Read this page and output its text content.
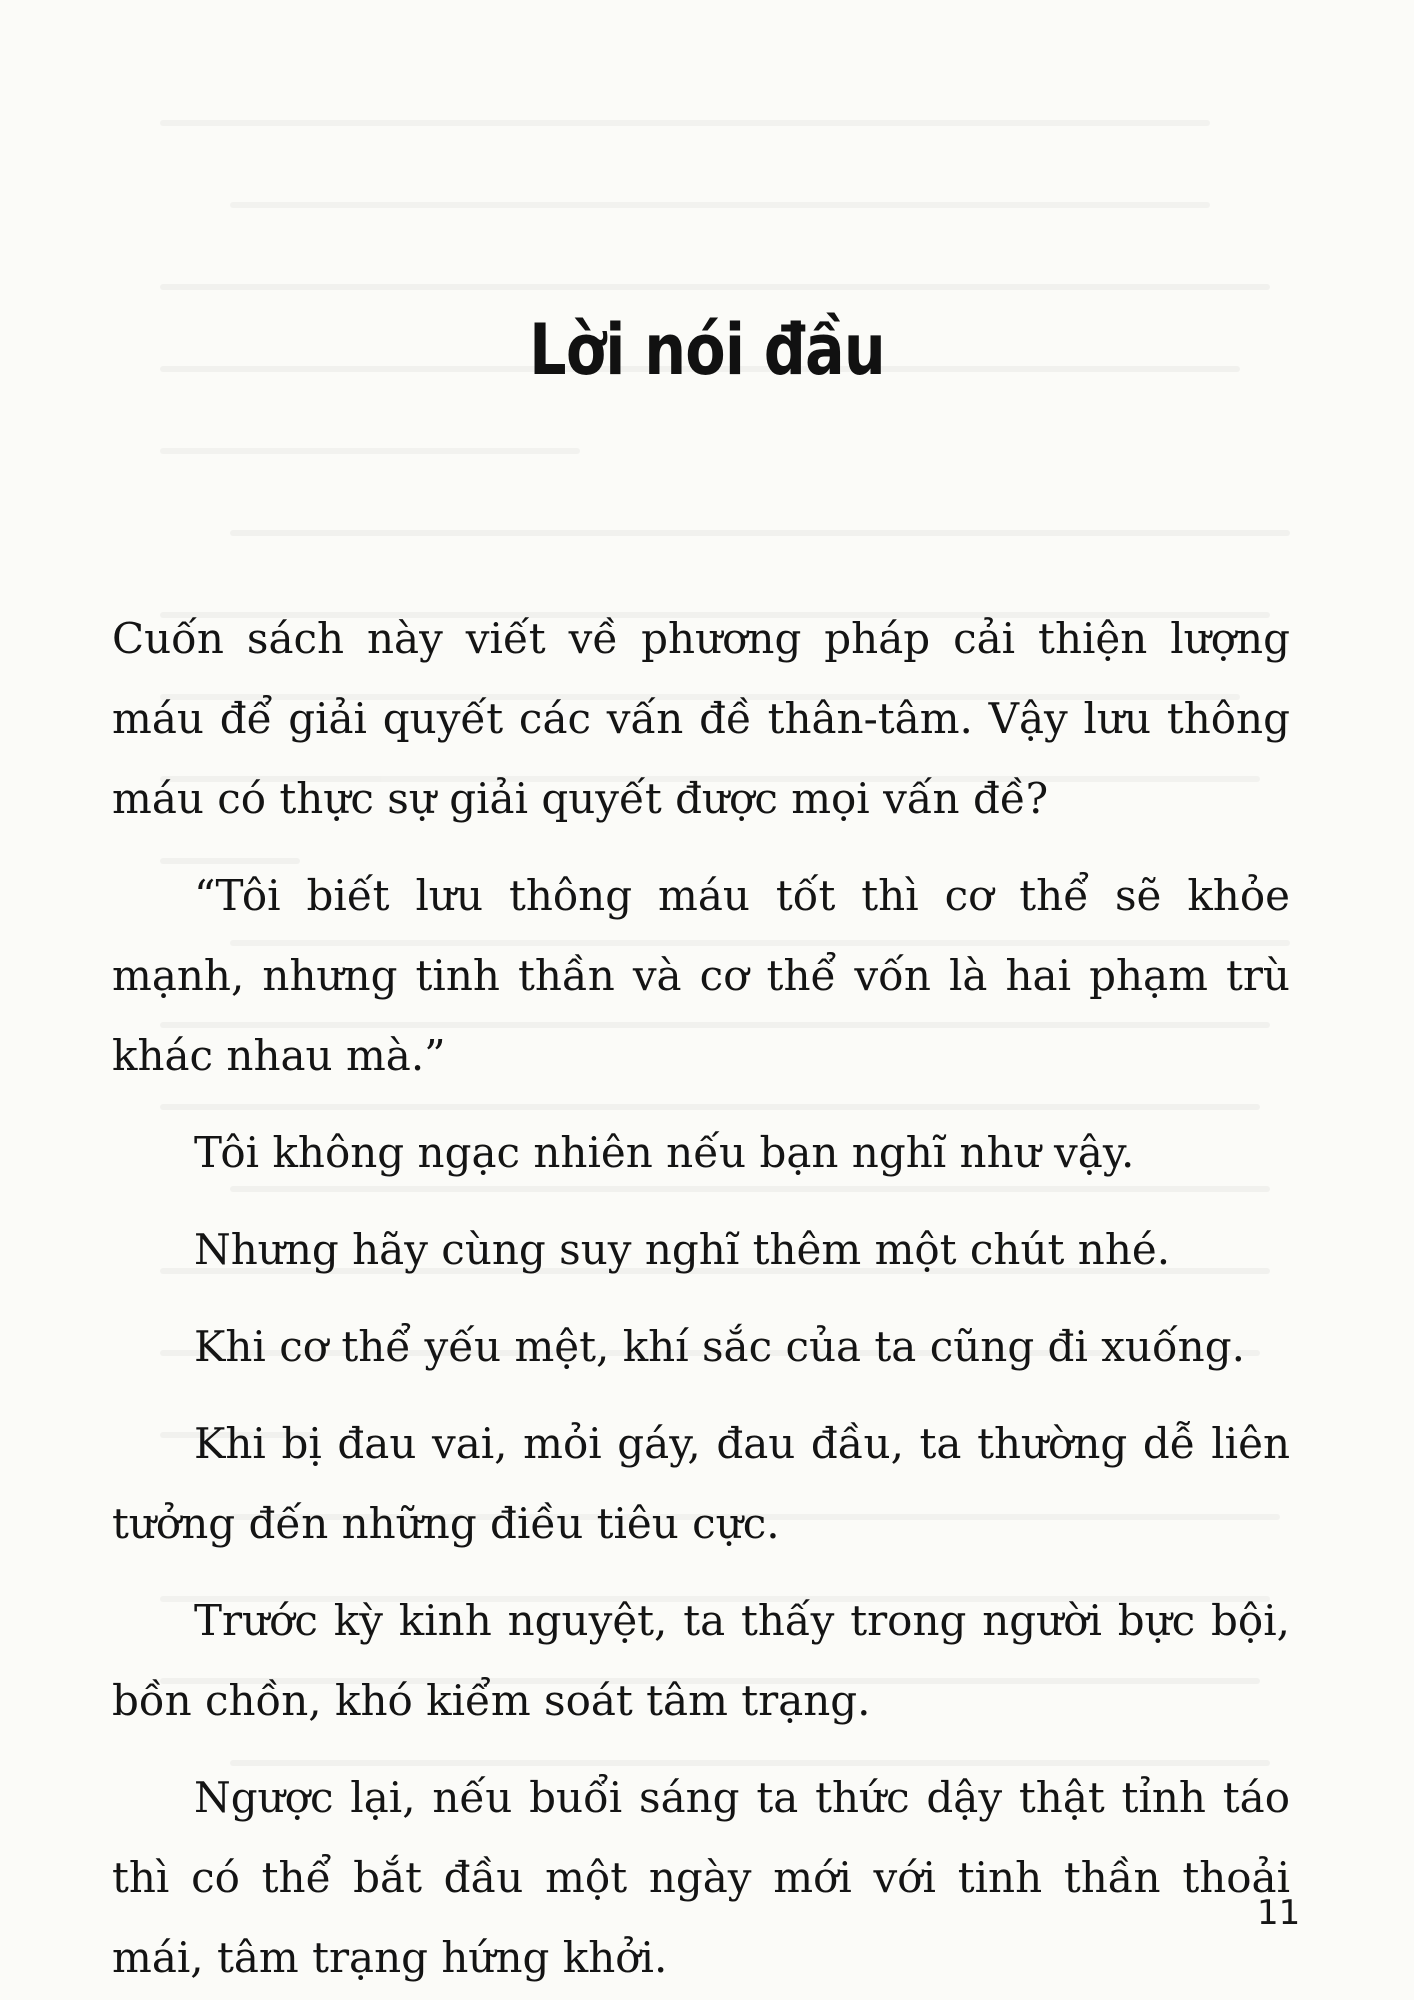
Lời nói đầu

Cuốn sách này viết về phương pháp cải thiện lượng máu để giải quyết các vấn đề thân-tâm. Vậy lưu thông máu có thực sự giải quyết được mọi vấn đề?

“Tôi biết lưu thông máu tốt thì cơ thể sẽ khỏe mạnh, nhưng tinh thần và cơ thể vốn là hai phạm trù khác nhau mà.”

Tôi không ngạc nhiên nếu bạn nghĩ như vậy.

Nhưng hãy cùng suy nghĩ thêm một chút nhé.

Khi cơ thể yếu mệt, khí sắc của ta cũng đi xuống.

Khi bị đau vai, mỏi gáy, đau đầu, ta thường dễ liên tưởng đến những điều tiêu cực.

Trước kỳ kinh nguyệt, ta thấy trong người bực bội, bồn chồn, khó kiểm soát tâm trạng.

Ngược lại, nếu buổi sáng ta thức dậy thật tỉnh táo thì có thể bắt đầu một ngày mới với tinh thần thoải mái, tâm trạng hứng khởi.

11
